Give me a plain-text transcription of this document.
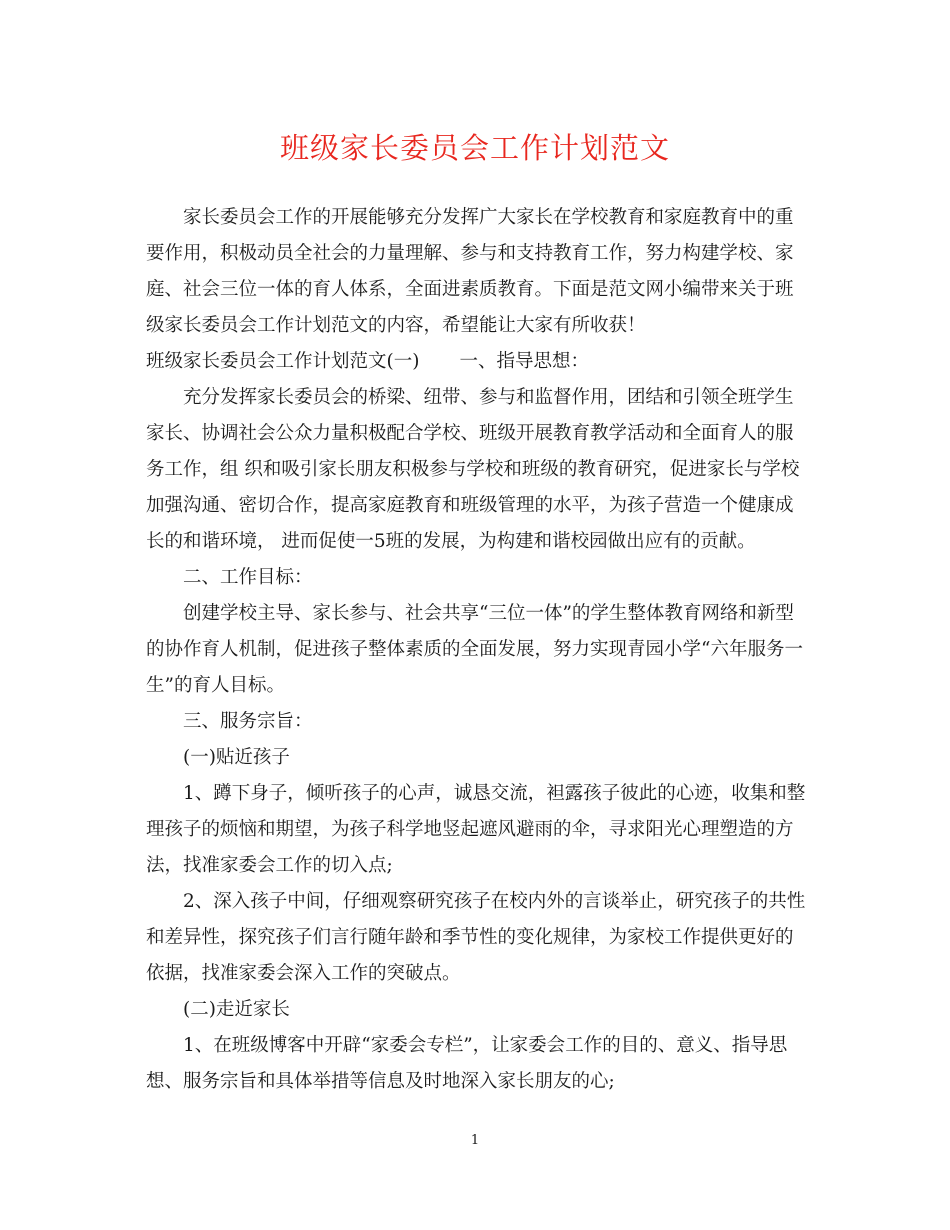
班级家长委员会工作计划范文

家长委员会工作的开展能够充分发挥广大家长在学校教育和家庭教育中的重要作用，积极动员全社会的力量理解、参与和支持教育工作，努力构建学校、家庭、社会三位一体的育人体系，全面进素质教育。下面是范文网小编带来关于班级家长委员会工作计划范文的内容，希望能让大家有所收获！

班级家长委员会工作计划范文(一) 一、指导思想：

充分发挥家长委员会的桥梁、纽带、参与和监督作用，团结和引领全班学生家长、协调社会公众力量积极配合学校、班级开展教育教学活动和全面育人的服务工作，组 织和吸引家长朋友积极参与学校和班级的教育研究，促进家长与学校加强沟通、密切合作，提高家庭教育和班级管理的水平，为孩子营造一个健康成长的和谐环境， 进而促使一5班的发展，为构建和谐校园做出应有的贡献。

二、工作目标：

创建学校主导、家长参与、社会共享“三位一体”的学生整体教育网络和新型的协作育人机制，促进孩子整体素质的全面发展，努力实现青园小学“六年服务一生”的育人目标。

三、服务宗旨：

(一)贴近孩子

1、蹲下身子，倾听孩子的心声，诚恳交流，袒露孩子彼此的心迹，收集和整理孩子的烦恼和期望，为孩子科学地竖起遮风避雨的伞，寻求阳光心理塑造的方法，找准家委会工作的切入点;

2、深入孩子中间，仔细观察研究孩子在校内外的言谈举止，研究孩子的共性和差异性，探究孩子们言行随年龄和季节性的变化规律，为家校工作提供更好的依据，找准家委会深入工作的突破点。

(二)走近家长

1、在班级博客中开辟“家委会专栏”，让家委会工作的目的、意义、指导思想、服务宗旨和具体举措等信息及时地深入家长朋友的心;

1
